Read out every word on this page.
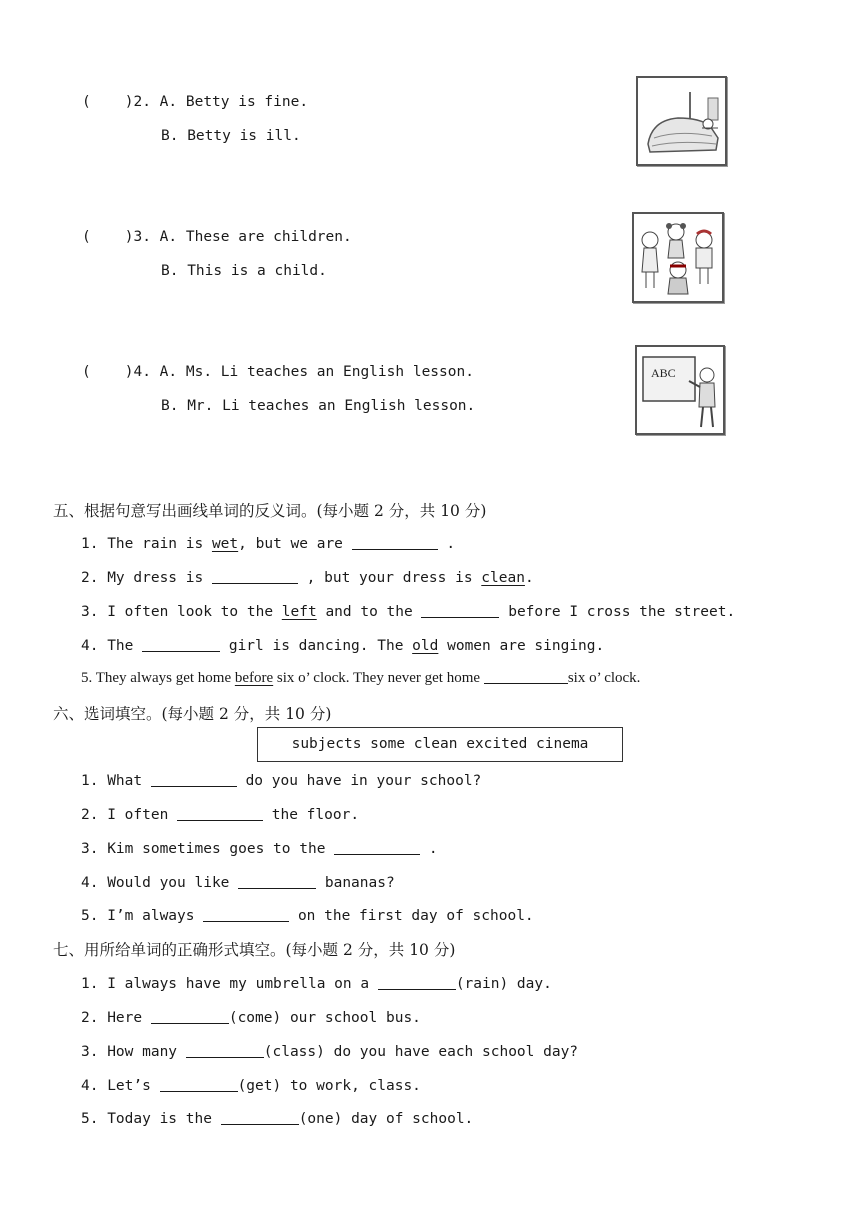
( )2. A. Betty is fine.
B. Betty is ill.
( )3. A. These are children.
B. This is a child.
( )4. A. Ms. Li teaches an English lesson.
B. Mr. Li teaches an English lesson.
ABC
五、根据句意写出画线单词的反义词。(每小题 2 分，共 10 分)
1. The rain is wet, but we are	.
2. My dress is	, but your dress is clean.
3. I often look to the left and to the	before I cross the street.
4. The	girl is dancing. The old women are singing.
5. They always get home before six o’ clock. They never get home	six o’ clock.
六、选词填空。(每小题 2 分，共 10 分)
subjects some clean excited cinema
1. What	do you have in your school?
2. I often	the floor.
3. Kim sometimes goes to the	.
4. Would you like	bananas?
5. I’m always	on the first day of school.
七、用所给单词的正确形式填空。(每小题 2 分，共 10 分)
1. I always have my umbrella on a	(rain) day.
2. Here	(come) our school bus.
3. How many	(class) do you have each school day?
4. Let’s	(get) to work, class.
5. Today is the	(one) day of school.
